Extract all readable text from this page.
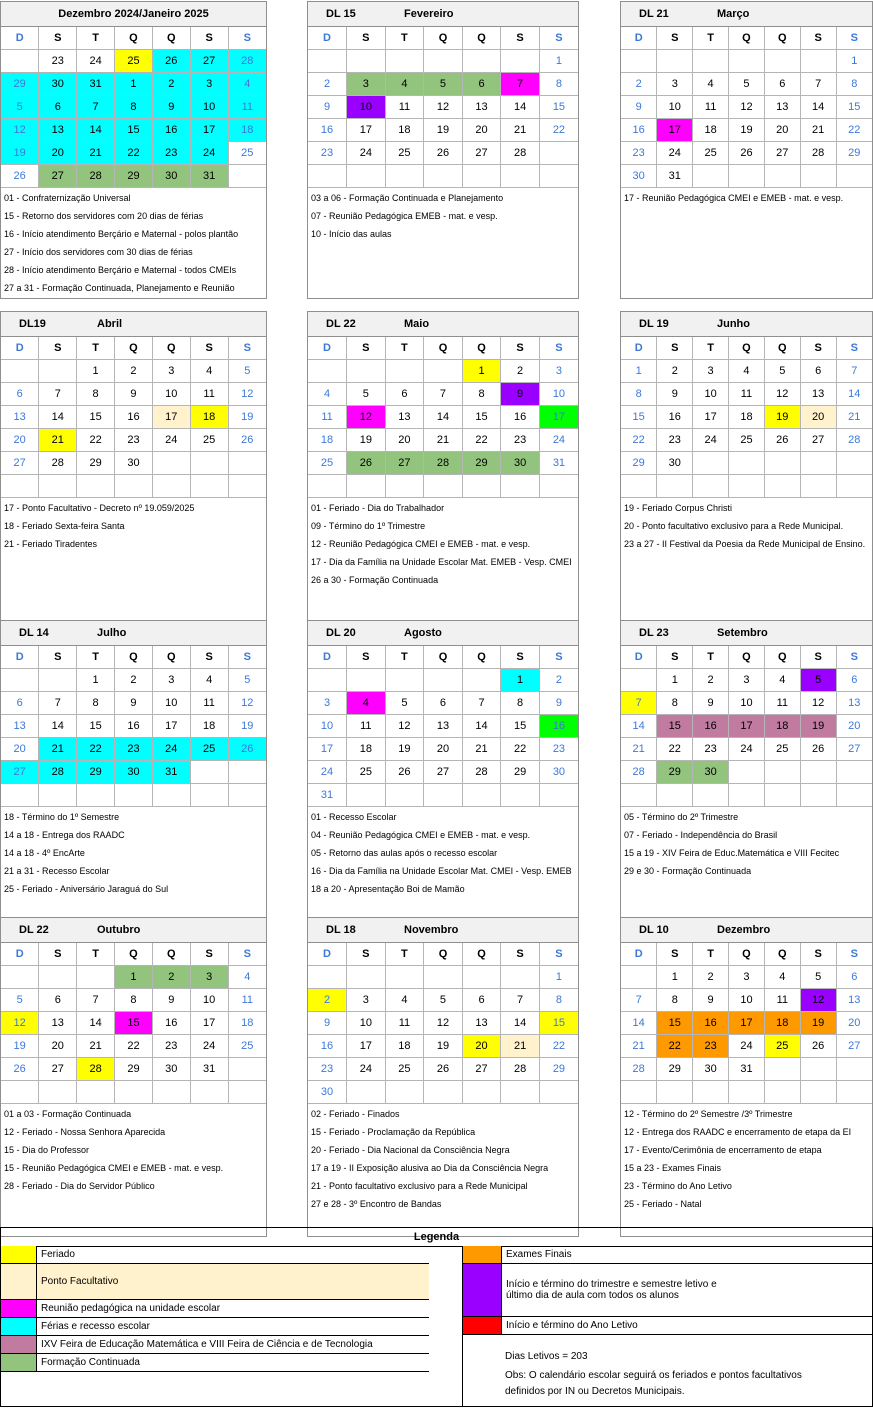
Dezembro 2024/Janeiro 2025
D	S	T	Q	Q	S	S
	23	24	25	26	27	28
29	30	31	1	2	3	4
5	6	7	8	9	10	11
12	13	14	15	16	17	18
19	20	21	22	23	24	25
26	27	28	29	30	31	
01 - Confraternização Universal
15 - Retorno dos servidores com 20 dias de férias
16 - Início atendimento Berçário e Maternal - polos plantão
27 - Início dos servidores com 30 dias de férias
28 - Início atendimento Berçário e Maternal - todos CMEIs
27 a 31 - Formação Continuada, Planejamento e Reunião
DL 15	Fevereiro
D	S	T	Q	Q	S	S
						1
2	3	4	5	6	7	8
9	10	11	12	13	14	15
16	17	18	19	20	21	22
23	24	25	26	27	28	

03 a 06 - Formação Continuada e Planejamento
07 - Reunião Pedagógica EMEB - mat. e vesp.
10 - Início das aulas
DL 21	Março
D	S	T	Q	Q	S	S
						1
2	3	4	5	6	7	8
9	10	11	12	13	14	15
16	17	18	19	20	21	22
23	24	25	26	27	28	29
30	31					
17 - Reunião Pedagógica CMEI e EMEB - mat. e vesp.
DL19	Abril
D	S	T	Q	Q	S	S
		1	2	3	4	5
6	7	8	9	10	11	12
13	14	15	16	17	18	19
20	21	22	23	24	25	26
27	28	29	30			

17 - Ponto Facultativo - Decreto nº 19.059/2025
18 - Feriado Sexta-feira Santa
21 - Feriado Tiradentes
DL 22	Maio
D	S	T	Q	Q	S	S
				1	2	3
4	5	6	7	8	9	10
11	12	13	14	15	16	17
18	19	20	21	22	23	24
25	26	27	28	29	30	31

01 - Feriado - Dia do Trabalhador
09 - Término do 1º Trimestre
12 - Reunião Pedagógica CMEI e EMEB - mat. e vesp.
17 - Dia da Família na Unidade Escolar Mat. EMEB - Vesp. CMEI
26 a 30 - Formação Continuada
DL 19	Junho
D	S	T	Q	Q	S	S
1	2	3	4	5	6	7
8	9	10	11	12	13	14
15	16	17	18	19	20	21
22	23	24	25	26	27	28
29	30					

19 - Feriado Corpus Christi
20 - Ponto facultativo exclusivo para a Rede Municipal.
23 a 27 - II Festival da Poesia da Rede Municipal de Ensino.
DL 14	Julho
D	S	T	Q	Q	S	S
		1	2	3	4	5
6	7	8	9	10	11	12
13	14	15	16	17	18	19
20	21	22	23	24	25	26
27	28	29	30	31		

18 - Término do 1º Semestre
14 a 18 - Entrega dos RAADC
14 a 18 - 4º EncArte
21 a 31 - Recesso Escolar
25 - Feriado - Aniversário Jaraguá do Sul
DL 20	Agosto
D	S	T	Q	Q	S	S
					1	2
3	4	5	6	7	8	9
10	11	12	13	14	15	16
17	18	19	20	21	22	23
24	25	26	27	28	29	30
31						
01 - Recesso Escolar
04 - Reunião Pedagógica CMEI e EMEB - mat. e vesp.
05 - Retorno das aulas após o recesso escolar
16 - Dia da Família na Unidade Escolar Mat. CMEI - Vesp. EMEB
18 a 20 - Apresentação Boi de Mamão
DL 23	Setembro
D	S	T	Q	Q	S	S
	1	2	3	4	5	6
7	8	9	10	11	12	13
14	15	16	17	18	19	20
21	22	23	24	25	26	27
28	29	30				

05 - Término do 2º Trimestre
07 - Feriado - Independência do Brasil
15 a 19 - XIV Feira de Educ.Matemática e VIII Fecitec
29 e 30 - Formação Continuada
DL 22	Outubro
D	S	T	Q	Q	S	S
			1	2	3	4
5	6	7	8	9	10	11
12	13	14	15	16	17	18
19	20	21	22	23	24	25
26	27	28	29	30	31	

01 a 03 - Formação Continuada
12 - Feriado - Nossa Senhora Aparecida
15 - Dia do Professor
15 - Reunião Pedagógica CMEI e EMEB - mat. e vesp.
28 - Feriado - Dia do Servidor Público
DL 18	Novembro
D	S	T	Q	Q	S	S
						1
2	3	4	5	6	7	8
9	10	11	12	13	14	15
16	17	18	19	20	21	22
23	24	25	26	27	28	29
30						
02 - Feriado - Finados
15 - Feriado - Proclamação da República
20 - Feriado - Dia Nacional da Consciência Negra
17 a 19 - II Exposição alusiva ao Dia da Consciência Negra
21 - Ponto facultativo exclusivo para a Rede Municipal
27 e 28 - 3º Encontro de Bandas
DL 10	Dezembro
D	S	T	Q	Q	S	S
	1	2	3	4	5	6
7	8	9	10	11	12	13
14	15	16	17	18	19	20
21	22	23	24	25	26	27
28	29	30	31			

12 - Término do 2º Semestre /3º Trimestre
12 - Entrega dos RAADC e encerramento de etapa da EI
17 - Evento/Cerimônia de encerramento de etapa
15 a 23 - Exames Finais
23 - Término do Ano Letivo
25 - Feriado - Natal
Legenda
Feriado
Ponto Facultativo
Reunião pedagógica na unidade escolar
Férias e recesso escolar
IXV Feira de Educação Matemática e VIII Feira de Ciência e de Tecnologia
Formação Continuada
Exames Finais
Início e término do trimestre e semestre letivo e último dia de aula com todos os alunos
Início e término do Ano Letivo
Dias Letivos = 203
Obs: O calendário escolar seguirá os feriados e pontos facultativos definidos por IN ou Decretos Municipais.
